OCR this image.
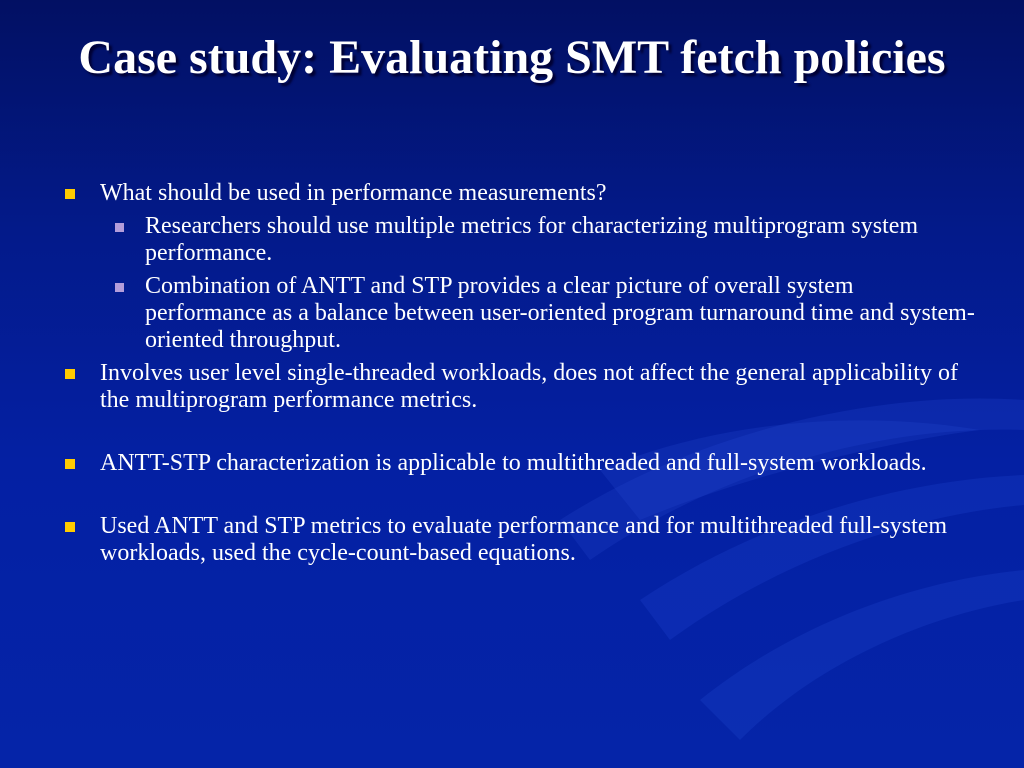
Case study: Evaluating SMT fetch policies

What should be used in performance measurements?

Researchers should use multiple metrics for characterizing multiprogram system performance.

Combination of ANTT and STP provides a clear picture of overall system performance as a balance between user-oriented program turnaround time and system-oriented throughput.

Involves user level single-threaded workloads, does not affect the general applicability of the multiprogram performance metrics.

ANTT-STP characterization is applicable to multithreaded and full-system workloads.

Used ANTT and STP metrics to evaluate performance and for multithreaded full-system workloads, used the cycle-count-based equations.
